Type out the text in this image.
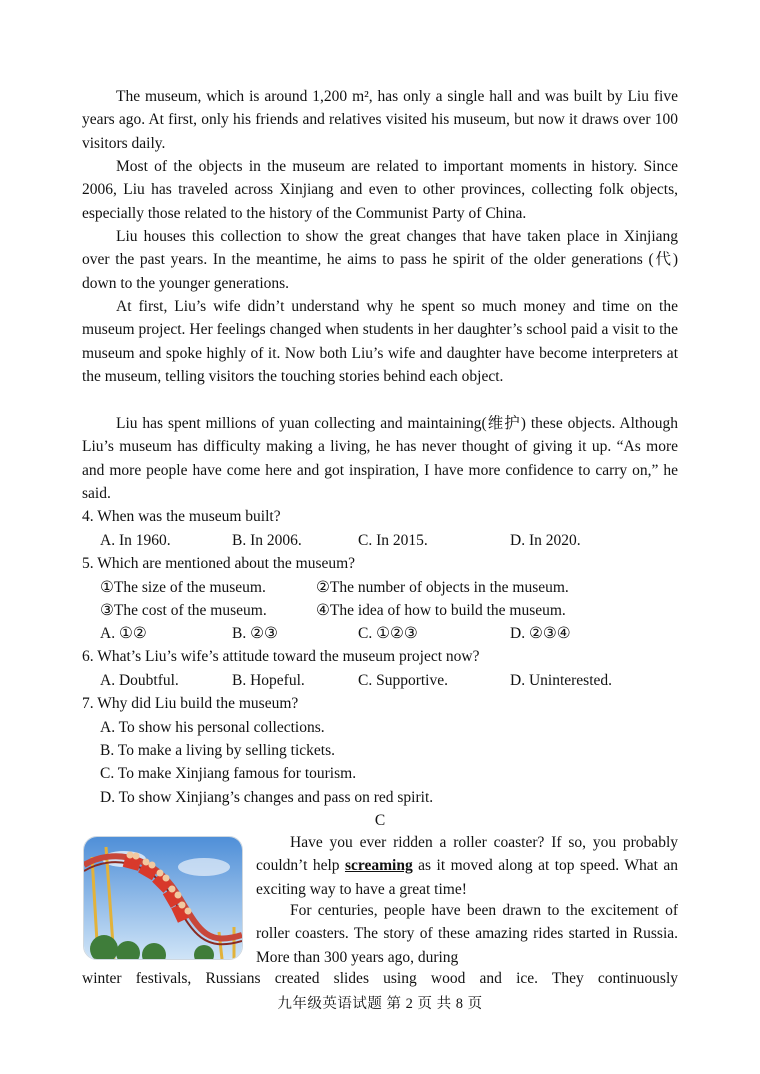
The museum, which is around 1,200 m², has only a single hall and was built by Liu five years ago. At first, only his friends and relatives visited his museum, but now it draws over 100 visitors daily.

Most of the objects in the museum are related to important moments in history. Since 2006, Liu has traveled across Xinjiang and even to other provinces, collecting folk objects, especially those related to the history of the Communist Party of China.

Liu houses this collection to show the great changes that have taken place in Xinjiang over the past years. In the meantime, he aims to pass he spirit of the older generations (代) down to the younger generations.

At first, Liu’s wife didn’t understand why he spent so much money and time on the museum project. Her feelings changed when students in her daughter’s school paid a visit to the museum and spoke highly of it. Now both Liu’s wife and daughter have become interpreters at the museum, telling visitors the touching stories behind each object.

Liu has spent millions of yuan collecting and maintaining(维护) these objects. Although Liu’s museum has difficulty making a living, he has never thought of giving it up. “As more and more people have come here and got inspiration, I have more confidence to carry on,” he said.

4. When was the museum built?

A. In 1960.	B. In 2006.	C. In 2015.	D. In 2020.

5. Which are mentioned about the museum?

①The size of the museum.	②The number of objects in the museum.
③The cost of the museum.	④The idea of how to build the museum.
A. ①②	B. ②③	C. ①②③	D. ②③④

6. What’s Liu’s wife’s attitude toward the museum project now?

A. Doubtful.	B. Hopeful.	C. Supportive.	D. Uninterested.

7. Why did Liu build the museum?

A. To show his personal collections.
B. To make a living by selling tickets.
C. To make Xinjiang famous for tourism.
D. To show Xinjiang’s changes and pass on red spirit.
C

Have you ever ridden a roller coaster? If so, you probably couldn’t help screaming as it moved along at top speed. What an exciting way to have a great time!

For centuries, people have been drawn to the excitement of roller coasters. The story of these amazing rides started in Russia. More than 300 years ago, during

winter festivals, Russians created slides using wood and ice. They continuously

九年级英语试题 第 2 页 共 8 页
